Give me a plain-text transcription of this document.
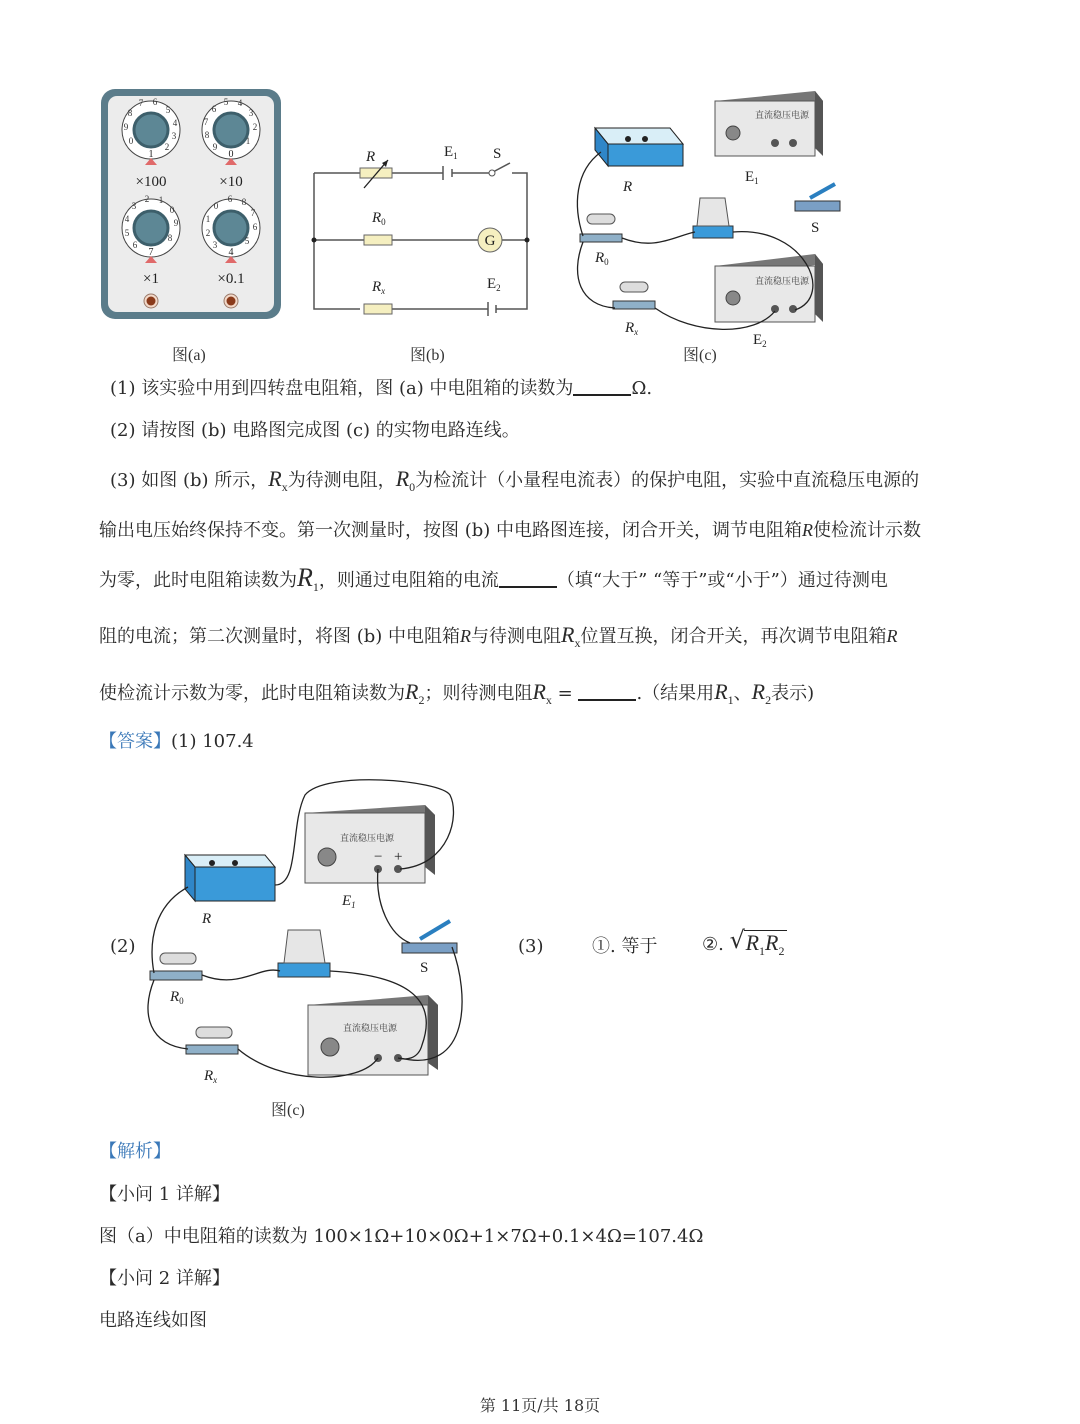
1	0
7	4
0
9
8
7 6
5
4
3
2	9
8
7
6
5 4
3
2
1
6
5
4
3
2 1
0
9
8
3
2
1
0
6 8
7
6
5
×100	×10
×1	×0.1
图(a)
G
R	$E_1$ S
$R_0$
$R_x$	$E_2$
图(b)
R
直流稳压电源
$E_1$
S
$R_0$
$R_x$
直流稳压电源
$E_2$
图(c)
(1) 该实验中用到四转盘电阻箱，图 (a) 中电阻箱的读数为	Ω.
(2) 请按图 (b) 电路图完成图 (c) 的实物电路连线。
(3) 如图 (b) 所示，$R_x$为待测电阻，$R_0$为检流计（小量程电流表）的保护电阻，实验中直流稳压电源的
输出电压始终保持不变。第一次测量时，按图 (b) 中电路图连接，闭合开关，调节电阻箱R使检流计示数
为零，此时电阻箱读数为$R_1$，则通过电阻箱的电流	（填“大于” “等于”或“小于”）通过待测电
阻的电流；第二次测量时，将图 (b) 中电阻箱R与待测电阻$R_x$位置互换，闭合开关，再次调节电阻箱R
使检流计示数为零，此时电阻箱读数为$R_2$；则待测电阻$R_x$ =	.（结果用$R_1$、$R_2$表示)
【答案】(1) 107.4
(2)
R
直流稳压电源
− +
$E_1$
S
$R_0$
$R_x$
直流稳压电源
图(c)
(3)	①. 等于 ②. √ $R_1R_2$
【解析】
【小问 1 详解】
图（a）中电阻箱的读数为 100×1Ω+10×0Ω+1×7Ω+0.1×4Ω=107.4Ω
【小问 2 详解】
电路连线如图
第 11页/共 18页
